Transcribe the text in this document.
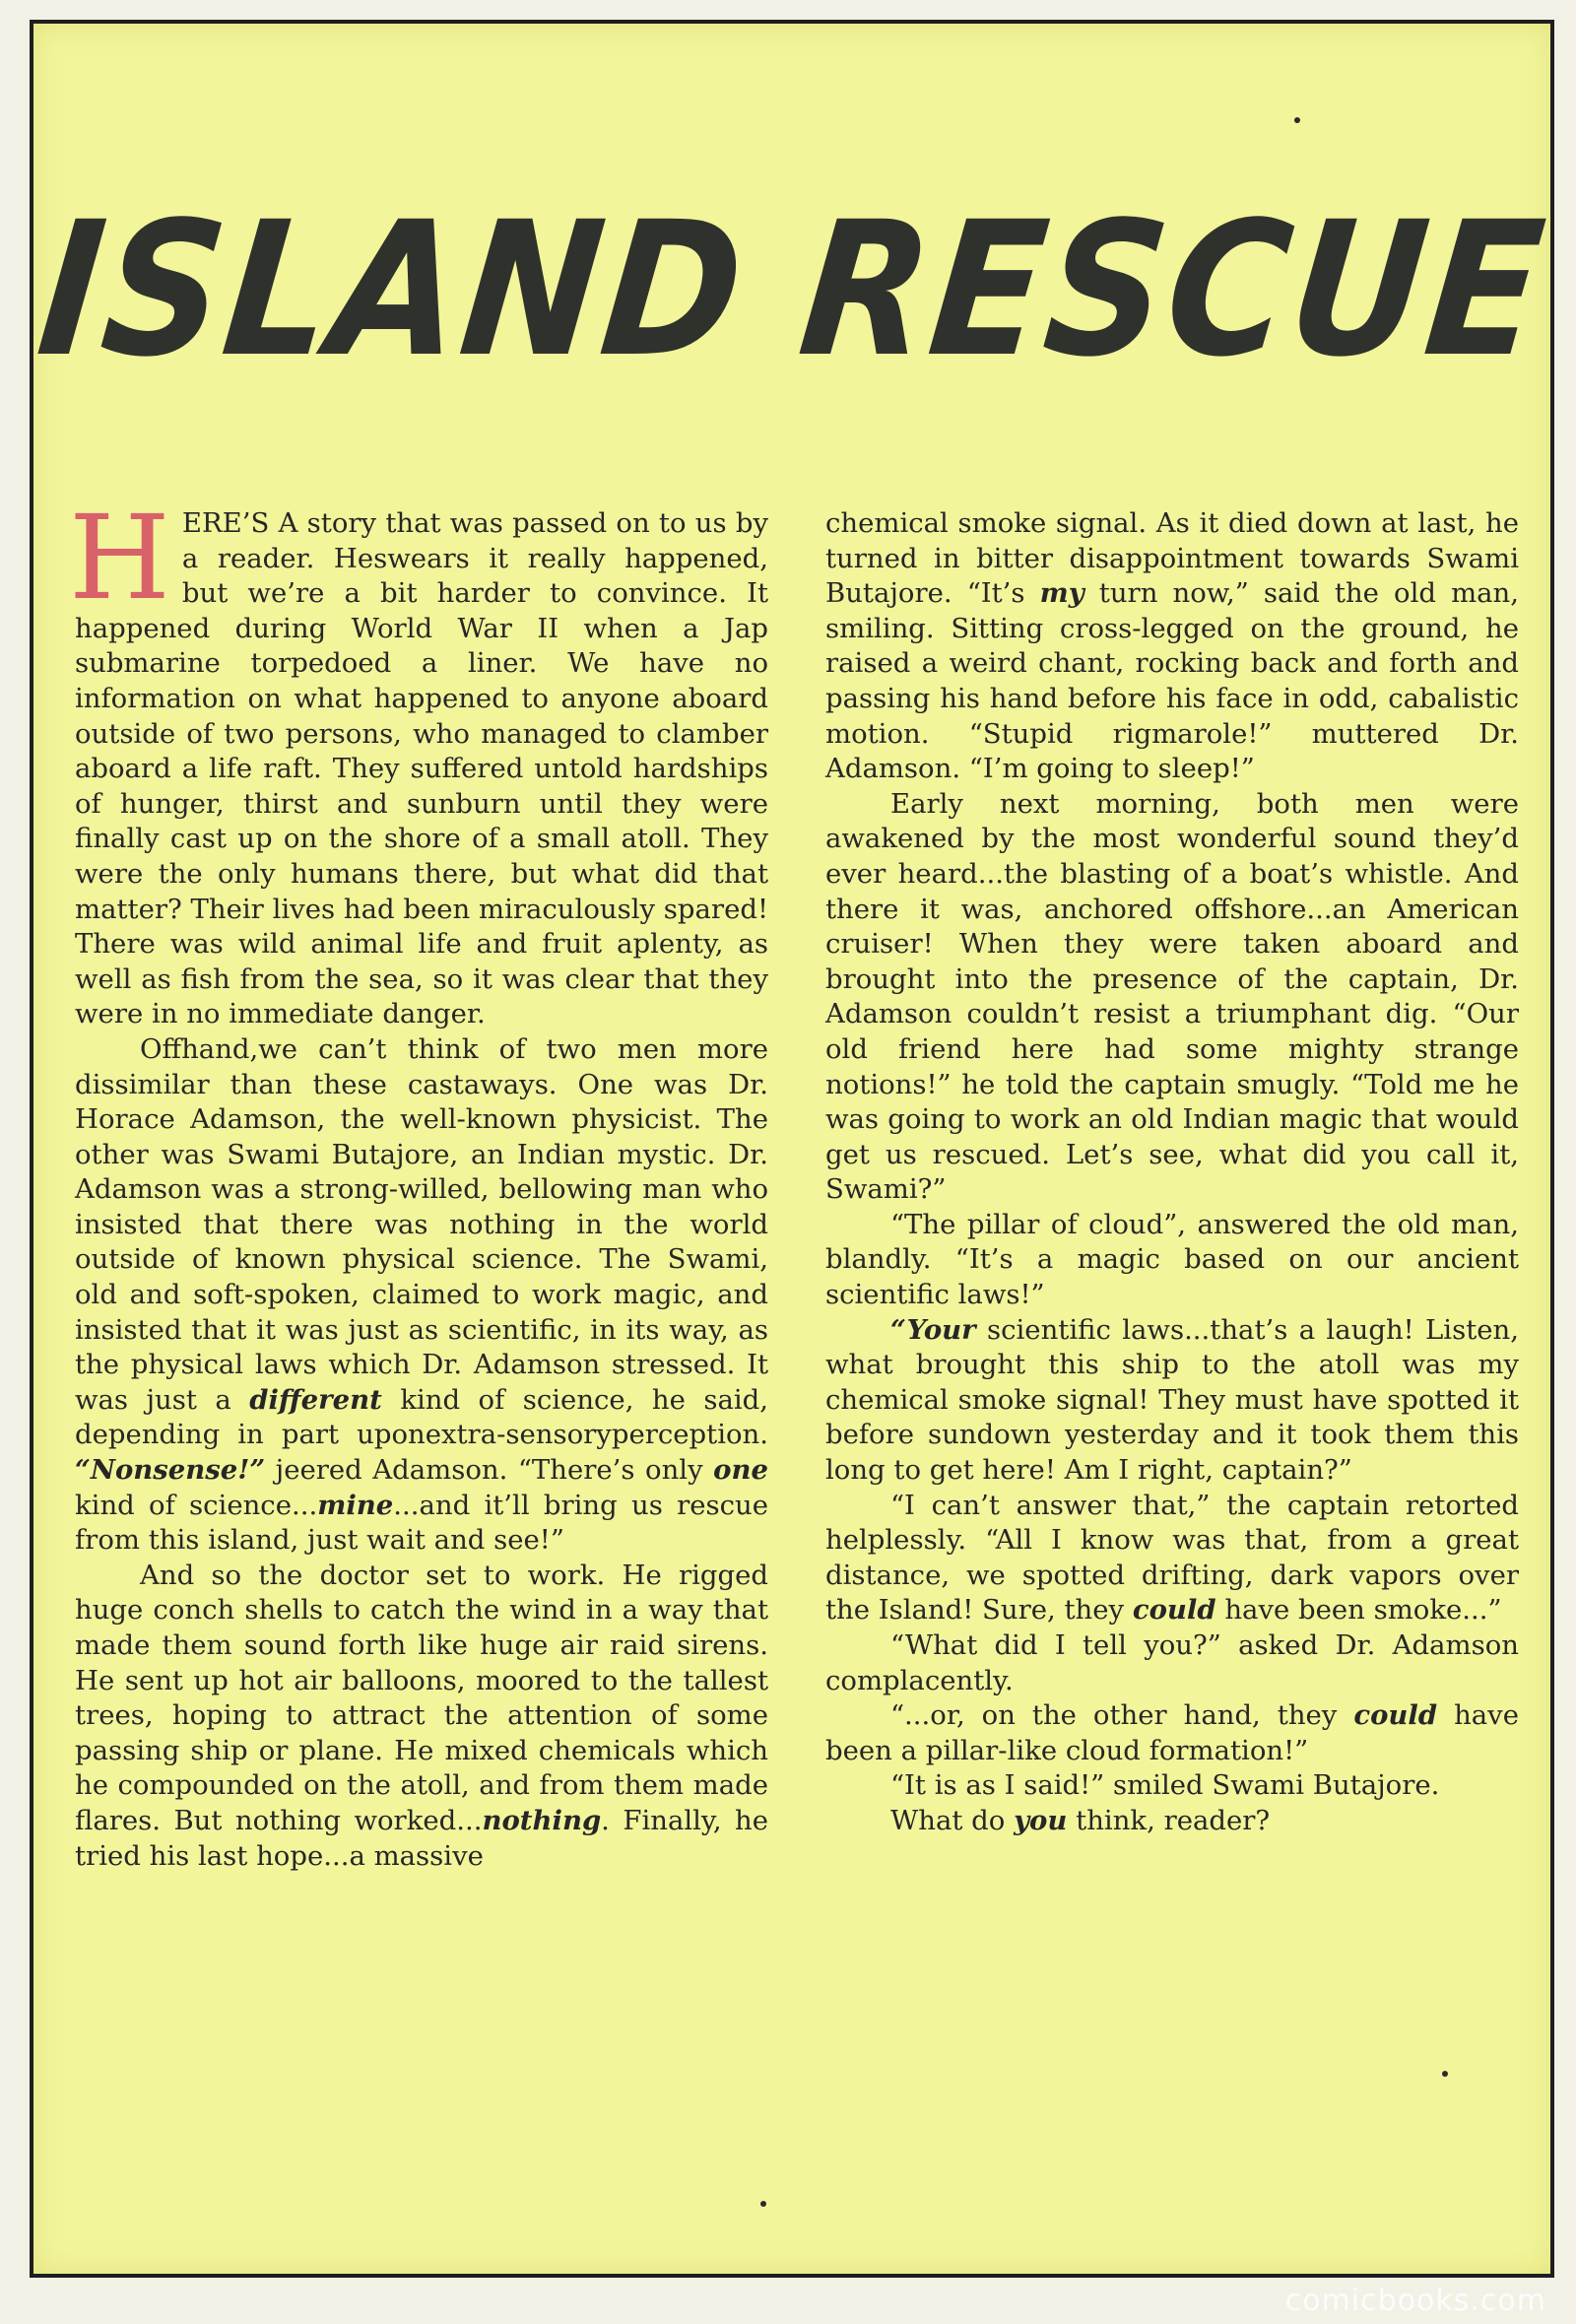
ISLAND RESCUE

HERE’S A story that was passed on to us by a reader. Heswears it really happened, but we’re a bit harder to convince. It happened during World War II when a Jap submarine torpedoed a liner. We have no information on what happened to anyone aboard outside of two persons, who managed to clamber aboard a life raft. They suffered untold hardships of hunger, thirst and sunburn until they were finally cast up on the shore of a small atoll. They were the only humans there, but what did that matter? Their lives had been miraculously spared! There was wild animal life and fruit aplenty, as well as fish from the sea, so it was clear that they were in no immediate danger.

Offhand,we can’t think of two men more dissimilar than these castaways. One was Dr. Horace Adamson, the well-known physicist. The other was Swami Butajore, an Indian mystic. Dr. Adamson was a strong-willed, bellowing man who insisted that there was nothing in the world outside of known physical science. The Swami, old and soft-spoken, claimed to work magic, and insisted that it was just as scientific, in its way, as the physical laws which Dr. Adamson stressed. It was just a different kind of science, he said, depending in part uponextra-sensoryperception. “Nonsense!” jeered Adamson. “There’s only one kind of science...mine...and it’ll bring us rescue from this island, just wait and see!”

And so the doctor set to work. He rigged huge conch shells to catch the wind in a way that made them sound forth like huge air raid sirens. He sent up hot air balloons, moored to the tallest trees, hoping to attract the attention of some passing ship or plane. He mixed chemicals which he compounded on the atoll, and from them made flares. But nothing worked...nothing. Finally, he tried his last hope...a massive

chemical smoke signal. As it died down at last, he turned in bitter disappointment towards Swami Butajore. “It’s my turn now,” said the old man, smiling. Sitting cross-legged on the ground, he raised a weird chant, rocking back and forth and passing his hand before his face in odd, cabalistic motion. “Stupid rigmarole!” muttered Dr. Adamson. “I’m going to sleep!”

Early next morning, both men were awakened by the most wonderful sound they’d ever heard...the blasting of a boat’s whistle. And there it was, anchored offshore...an American cruiser! When they were taken aboard and brought into the presence of the captain, Dr. Adamson couldn’t resist a triumphant dig. “Our old friend here had some mighty strange notions!” he told the captain smugly. “Told me he was going to work an old Indian magic that would get us rescued. Let’s see, what did you call it, Swami?”

“The pillar of cloud”, answered the old man, blandly. “It’s a magic based on our ancient scientific laws!”

“Your scientific laws...that’s a laugh! Listen, what brought this ship to the atoll was my chemical smoke signal! They must have spotted it before sundown yesterday and it took them this long to get here! Am I right, captain?”

“I can’t answer that,” the captain retorted helplessly. “All I know was that, from a great distance, we spotted drifting, dark vapors over the Island! Sure, they could have been smoke...”

“What did I tell you?” asked Dr. Adamson complacently.

“...or, on the other hand, they could have been a pillar-like cloud formation!”

“It is as I said!” smiled Swami Butajore.

What do you think, reader?

comicbooks.com
